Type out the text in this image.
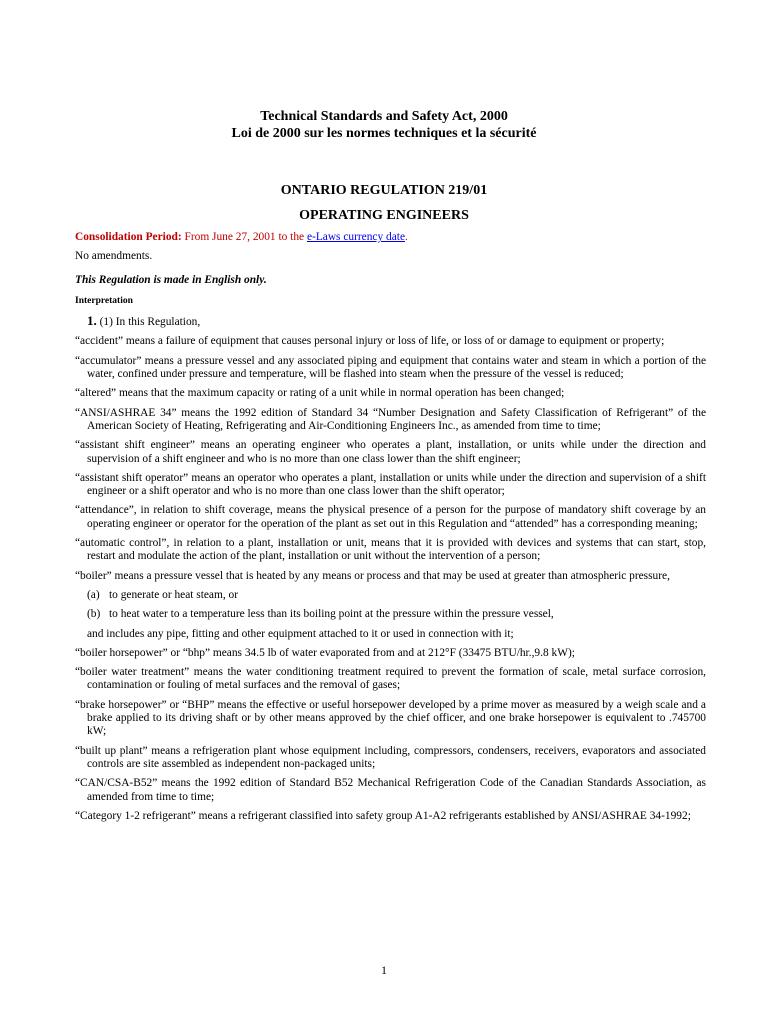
Technical Standards and Safety Act, 2000
Loi de 2000 sur les normes techniques et la sécurité
ONTARIO REGULATION 219/01
OPERATING ENGINEERS
Consolidation Period: From June 27, 2001 to the e-Laws currency date.
No amendments.
This Regulation is made in English only.
Interpretation
1. (1) In this Regulation,
“accident” means a failure of equipment that causes personal injury or loss of life, or loss of or damage to equipment or property;
“accumulator” means a pressure vessel and any associated piping and equipment that contains water and steam in which a portion of the water, confined under pressure and temperature, will be flashed into steam when the pressure of the vessel is reduced;
“altered” means that the maximum capacity or rating of a unit while in normal operation has been changed;
“ANSI/ASHRAE 34” means the 1992 edition of Standard 34 “Number Designation and Safety Classification of Refrigerant” of the American Society of Heating, Refrigerating and Air-Conditioning Engineers Inc., as amended from time to time;
“assistant shift engineer” means an operating engineer who operates a plant, installation, or units while under the direction and supervision of a shift engineer and who is no more than one class lower than the shift engineer;
“assistant shift operator” means an operator who operates a plant, installation or units while under the direction and supervision of a shift engineer or a shift operator and who is no more than one class lower than the shift operator;
“attendance”, in relation to shift coverage, means the physical presence of a person for the purpose of mandatory shift coverage by an operating engineer or operator for the operation of the plant as set out in this Regulation and “attended” has a corresponding meaning;
“automatic control”, in relation to a plant, installation or unit, means that it is provided with devices and systems that can start, stop, restart and modulate the action of the plant, installation or unit without the intervention of a person;
“boiler” means a pressure vessel that is heated by any means or process and that may be used at greater than atmospheric pressure,
(a) to generate or heat steam, or
(b) to heat water to a temperature less than its boiling point at the pressure within the pressure vessel,
and includes any pipe, fitting and other equipment attached to it or used in connection with it;
“boiler horsepower” or “bhp” means 34.5 lb of water evaporated from and at 212°F (33475 BTU/hr.,9.8 kW);
“boiler water treatment” means the water conditioning treatment required to prevent the formation of scale, metal surface corrosion, contamination or fouling of metal surfaces and the removal of gases;
“brake horsepower” or “BHP” means the effective or useful horsepower developed by a prime mover as measured by a weigh scale and a brake applied to its driving shaft or by other means approved by the chief officer, and one brake horsepower is equivalent to .745700 kW;
“built up plant” means a refrigeration plant whose equipment including, compressors, condensers, receivers, evaporators and associated controls are site assembled as independent non-packaged units;
“CAN/CSA-B52” means the 1992 edition of Standard B52 Mechanical Refrigeration Code of the Canadian Standards Association, as amended from time to time;
“Category 1-2 refrigerant” means a refrigerant classified into safety group A1-A2 refrigerants established by ANSI/ASHRAE 34-1992;
1
